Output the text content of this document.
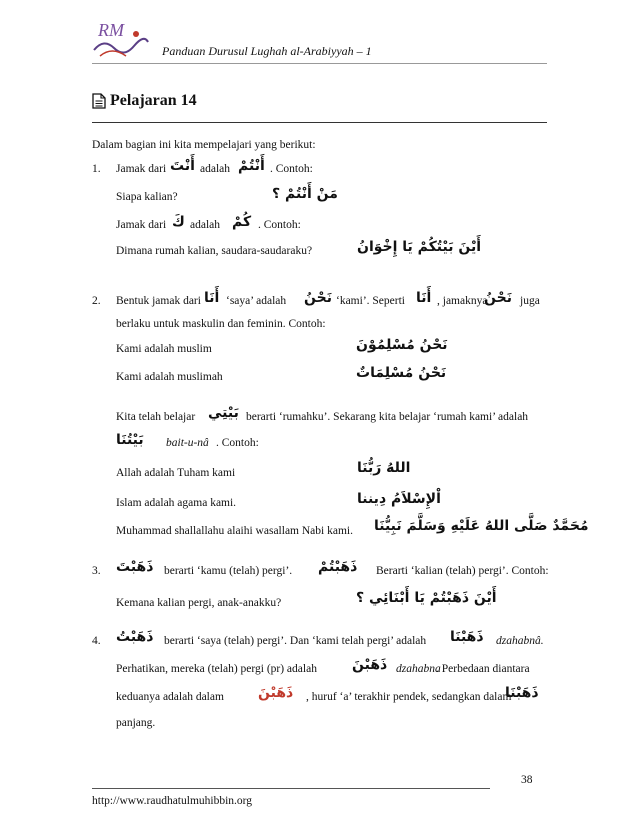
RM
Panduan Durusul Lughah al-Arabiyyah – 1
Pelajaran 14
Dalam bagian ini kita mempelajari yang berikut:
1. Jamak dari أَنْتَ adalah أَنْتُمْ . Contoh:
Siapa kalian?	مَنْ أَنْتُمْ ؟
Jamak dari كَ adalah كُمْ . Contoh:
Dimana rumah kalian, saudara-saudaraku?	أَيْنَ بَيْتُكُمْ يَا إِخْوَانُ
2. Bentuk jamak dari أَنَا ‘saya’ adalah نَحْنُ ‘kami’. Seperti أَنَا , jamaknya
نَحْنُ juga
berlaku untuk maskulin dan feminin. Contoh:
Kami adalah muslim	نَحْنُ مُسْلِمُوْنَ
Kami adalah muslimah	نَحْنُ مُسْلِمَاتٌ
Kita telah belajar بَيْتِي berarti ‘rumahku’. Sekarang kita belajar ‘rumah kami’ adalah
بَيْتُنَا bait-u-nâ . Contoh:
Allah adalah Tuham kami	اللهُ رَبُّنَا
Islam adalah agama kami.	اْلإِسْلاَمُ دِيننا
Muhammad shallallahu alaihi wasallam Nabi kami. مُحَمَّدٌ صَلَّى اللهُ عَلَيْهِ وَسَلَّمَ نَبِيُّنَا
3. ذَهَبْتَ berarti ‘kamu (telah) pergi’. ذَهَبْتُمْ Berarti ‘kalian (telah) pergi’. Contoh:
Kemana kalian pergi, anak-anakku?	أَيْنَ ذَهَبْتُمْ يَا أَبْنَائِي ؟
4. ذَهَبْتُ berarti ‘saya (telah) pergi’. Dan ‘kami telah pergi’ adalah ذَهَبْنَا dzahabnâ.
Perhatikan, mereka (telah) pergi (pr) adalah	ذَهَبْنَ dzahabna
. Perbedaan diantara
keduanya adalah dalam ذَهَبْنَ , huruf ‘a’ terakhir pendek, sedangkan dalam
ذَهَبْنَا
panjang.
38
http://www.raudhatulmuhibbin.org
